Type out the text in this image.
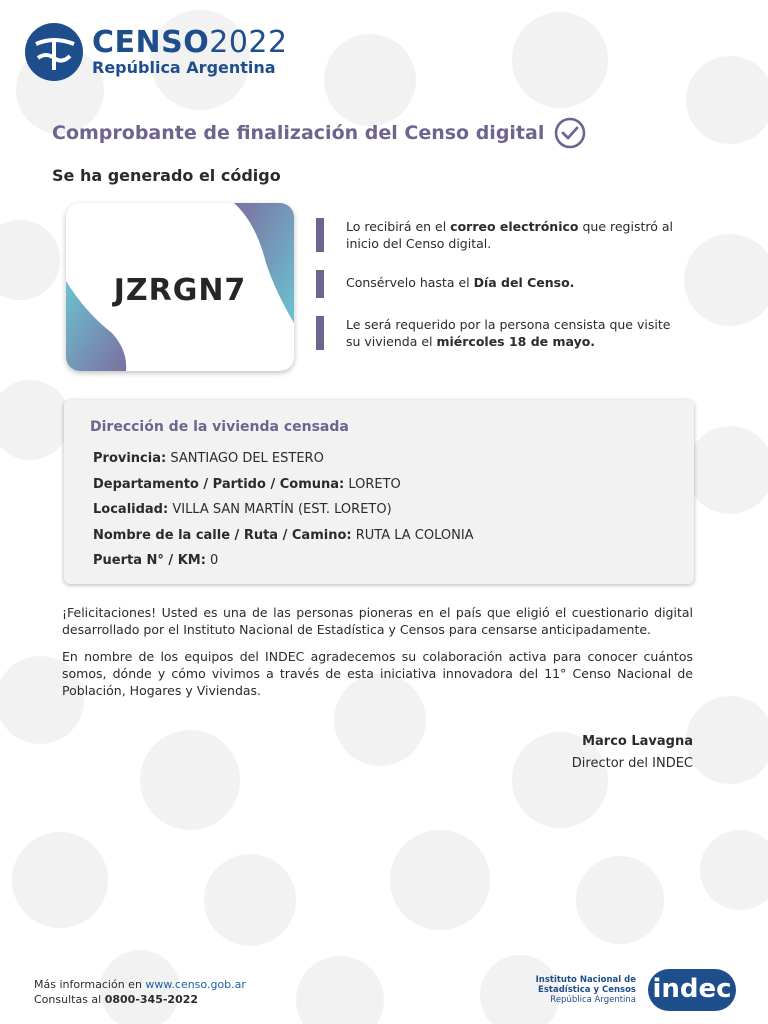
CENSO2022
República Argentina
Comprobante de finalización del Censo digital
Se ha generado el código
JZRGN7
Lo recibirá en el correo electrónico que registró al inicio del Censo digital.
Consérvelo hasta el Día del Censo.
Le será requerido por la persona censista que visite su vivienda el miércoles 18 de mayo.
Dirección de la vivienda censada
Provincia: SANTIAGO DEL ESTERO
Departamento / Partido / Comuna: LORETO
Localidad: VILLA SAN MARTÍN (EST. LORETO)
Nombre de la calle / Ruta / Camino: RUTA LA COLONIA
Puerta N° / KM: 0

¡Felicitaciones! Usted es una de las personas pioneras en el país que eligió el cuestionario digital desarrollado por el Instituto Nacional de Estadística y Censos para censarse anticipadamente.

En nombre de los equipos del INDEC agradecemos su colaboración activa para conocer cuántos somos, dónde y cómo vivimos a través de esta iniciativa innovadora del 11° Censo Nacional de Población, Hogares y Viviendas.

Marco Lavagna
Director del INDEC
Más información en www.censo.gob.ar
Consultas al 0800-345-2022
Instituto Nacional de
Estadística y Censos
República Argentina indec
